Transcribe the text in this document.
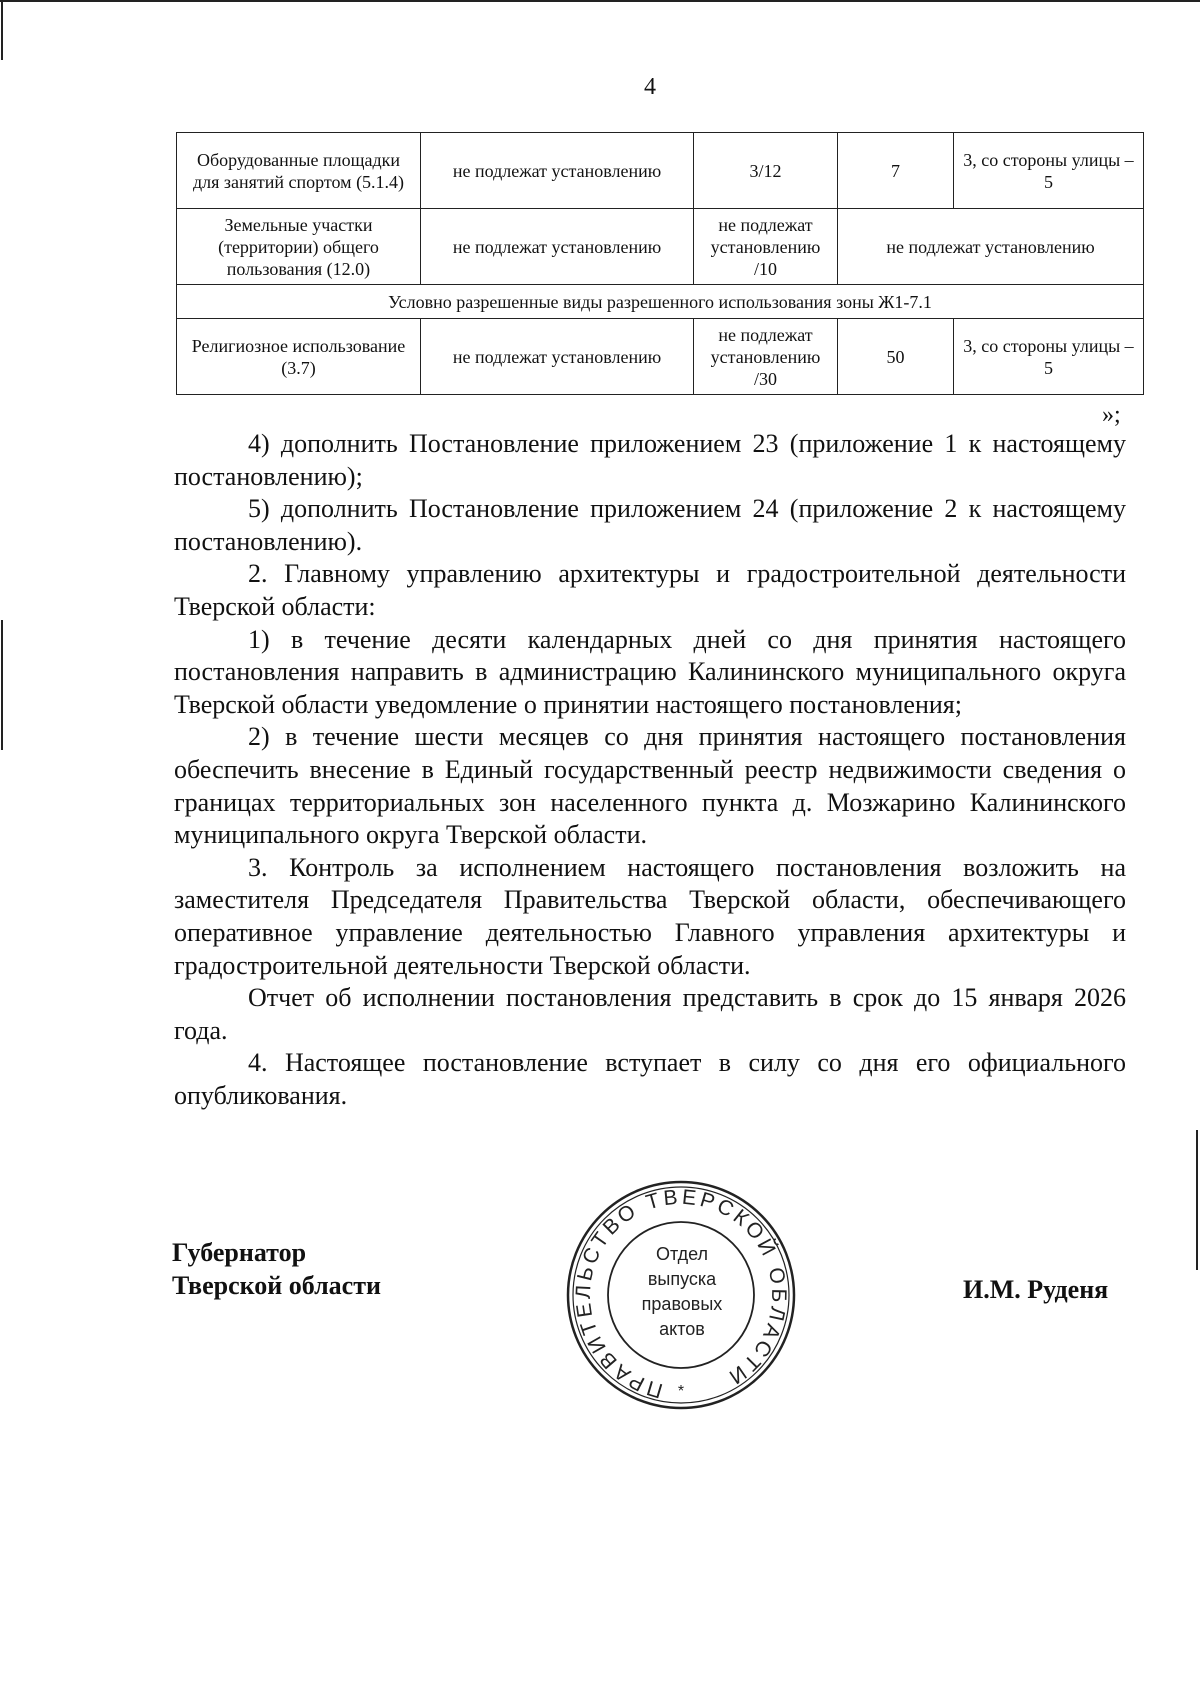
4
Оборудованные площадки для занятий спортом (5.1.4)	не подлежат установлению	3/12	7	3, со стороны улицы – 5
Земельные участки (территории) общего пользования (12.0)	не подлежат установлению	не подлежат установлению /10	не подлежат установлению	
Условно разрешенные виды разрешенного использования зоны Ж1-7.1				
Религиозное использование (3.7)	не подлежат установлению	не подлежат установлению /30	50	3, со стороны улицы – 5
»;

4) дополнить Постановление приложением 23 (приложение 1 к настоящему постановлению);

5) дополнить Постановление приложением 24 (приложение 2 к настоящему постановлению).

2. Главному управлению архитектуры и градостроительной деятельности Тверской области:

1) в течение десяти календарных дней со дня принятия настоящего постановления направить в администрацию Калининского муниципального округа Тверской области уведомление о принятии настоящего постановления;

2) в течение шести месяцев со дня принятия настоящего постановления обеспечить внесение в Единый государственный реестр недвижимости сведения о границах территориальных зон населенного пункта д. Мозжарино Калининского муниципального округа Тверской области.

3. Контроль за исполнением настоящего постановления возложить на заместителя Председателя Правительства Тверской области, обеспечивающего оперативное управление деятельностью Главного управления архитектуры и градостроительной деятельности Тверской области.

Отчет об исполнении постановления представить в срок до 15 января 2026 года.

4. Настоящее постановление вступает в силу со дня его официального опубликования.

Губернатор
Тверской области
ПРАВИТЕЛЬСТВО ТВЕРСКОЙ ОБЛАСТИ
*
Отдел
выпуска
правовых
актов
И.М. Руденя
